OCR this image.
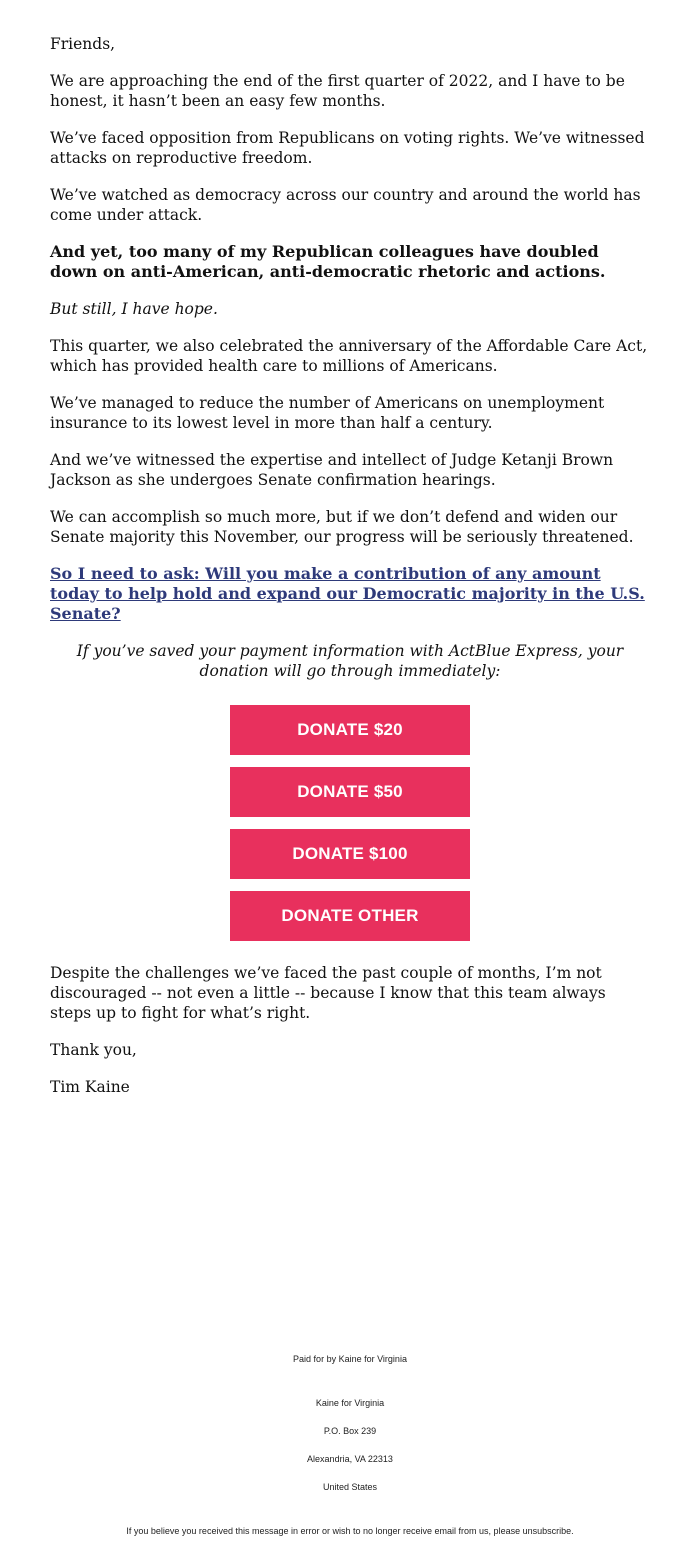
Friends,

We are approaching the end of the first quarter of 2022, and I have to be honest, it hasn’t been an easy few months.

We’ve faced opposition from Republicans on voting rights. We’ve witnessed attacks on reproductive freedom.

We’ve watched as democracy across our country and around the world has come under attack.

And yet, too many of my Republican colleagues have doubled down on anti-American, anti-democratic rhetoric and actions.

But still, I have hope.

This quarter, we also celebrated the anniversary of the Affordable Care Act, which has provided health care to millions of Americans.

We’ve managed to reduce the number of Americans on unemployment insurance to its lowest level in more than half a century.

And we’ve witnessed the expertise and intellect of Judge Ketanji Brown Jackson as she undergoes Senate confirmation hearings.

We can accomplish so much more, but if we don’t defend and widen our Senate majority this November, our progress will be seriously threatened.

So I need to ask: Will you make a contribution of any amount today to help hold and expand our Democratic majority in the U.S. Senate?

If you’ve saved your payment information with ActBlue Express, your donation will go through immediately:

DONATE $20
DONATE $50
DONATE $100
DONATE OTHER

Despite the challenges we’ve faced the past couple of months, I’m not discouraged -- not even a little -- because I know that this team always steps up to fight for what’s right.

Thank you,

Tim Kaine

Paid for by Kaine for Virginia
Kaine for Virginia
P.O. Box 239
Alexandria, VA 22313
United States
If you believe you received this message in error or wish to no longer receive email from us, please unsubscribe.
